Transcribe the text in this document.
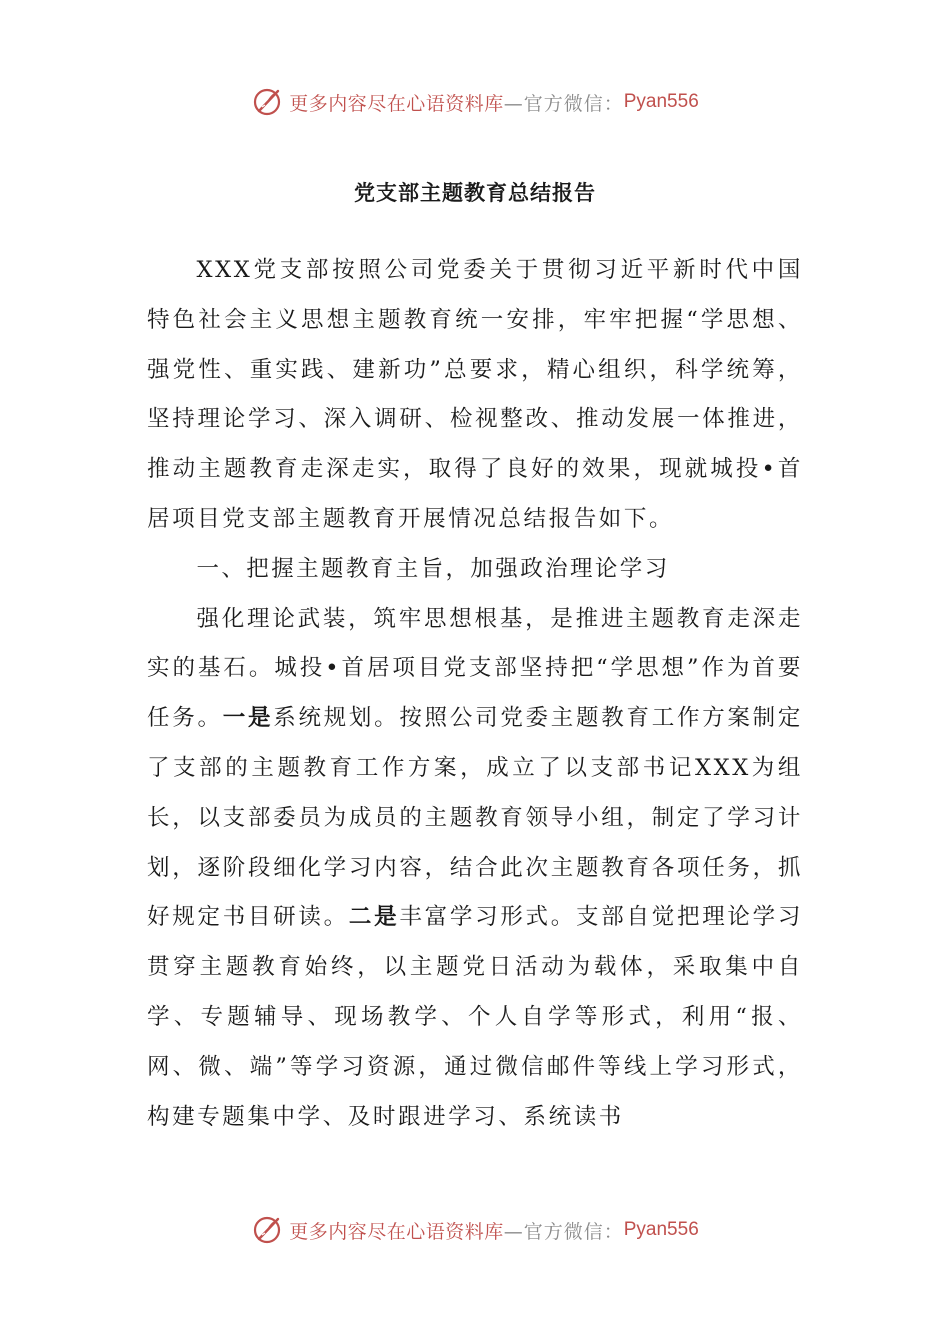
更多内容尽在心语资料库 —官方微信： Pyan556
党支部主题教育总结报告

XXX党支部按照公司党委关于贯彻习近平新时代中国特色社会主义思想主题教育统一安排，牢牢把握“学思想、强党性、重实践、建新功”总要求，精心组织，科学统筹，坚持理论学习、深入调研、检视整改、推动发展一体推进，推动主题教育走深走实，取得了良好的效果，现就城投•首居项目党支部主题教育开展情况总结报告如下。

一、把握主题教育主旨，加强政治理论学习

强化理论武装，筑牢思想根基，是推进主题教育走深走实的基石。城投•首居项目党支部坚持把“学思想”作为首要任务。一是系统规划。按照公司党委主题教育工作方案制定了支部的主题教育工作方案，成立了以支部书记XXX为组长，以支部委员为成员的主题教育领导小组，制定了学习计划，逐阶段细化学习内容，结合此次主题教育各项任务，抓好规定书目研读。二是丰富学习形式。支部自觉把理论学习贯穿主题教育始终，以主题党日活动为载体，采取集中自学、专题辅导、现场教学、个人自学等形式，利用“报、网、微、端”等学习资源，通过微信邮件等线上学习形式，构建专题集中学、及时跟进学习、系统读书

更多内容尽在心语资料库 —官方微信： Pyan556
